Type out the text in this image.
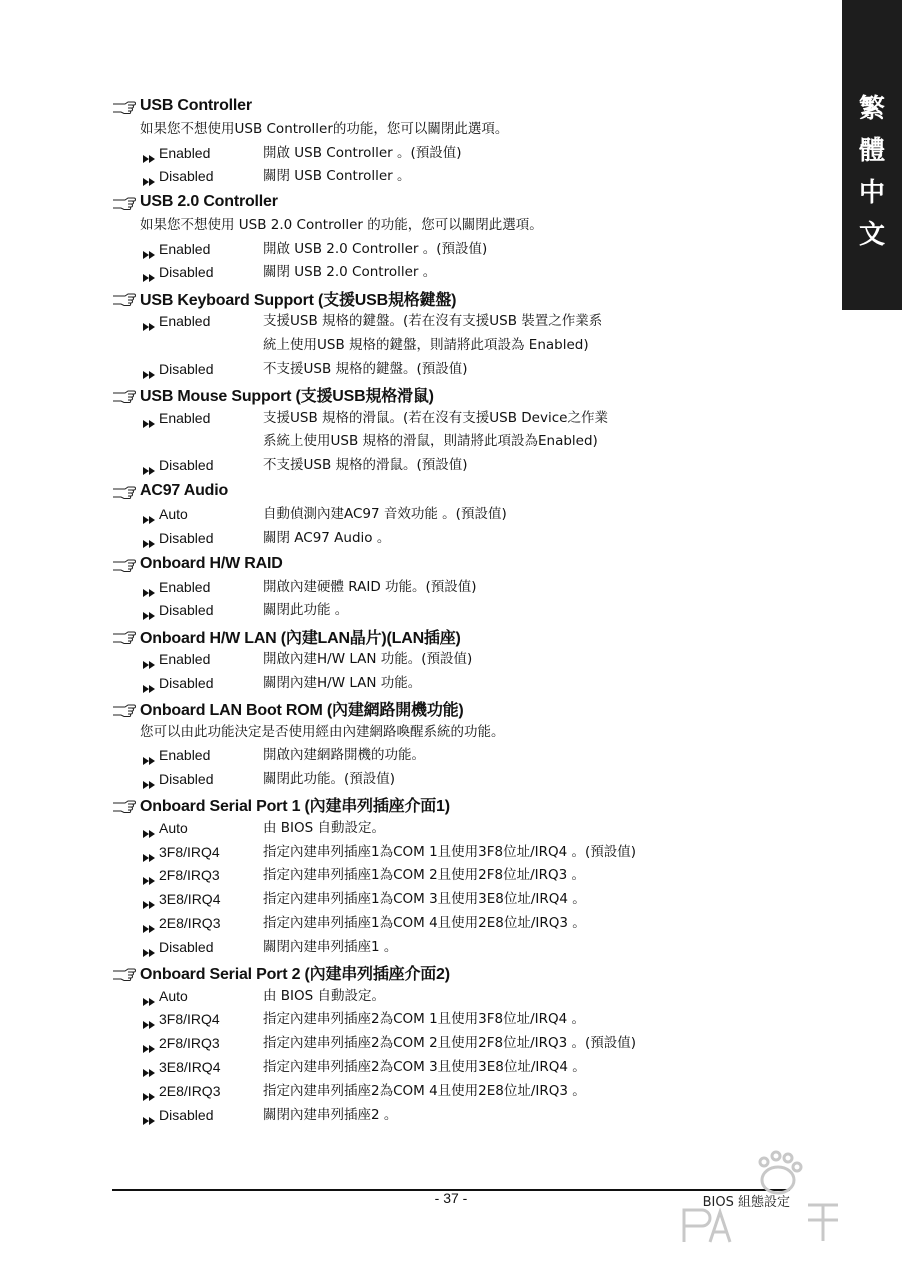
繁
體
中
文
USB Controller
如果您不想使用USB Controller的功能，您可以關閉此選項。
Enabled	開啟 USB Controller 。(預設值)
Disabled	關閉 USB Controller 。
USB 2.0 Controller
如果您不想使用 USB 2.0 Controller 的功能，您可以關閉此選項。
Enabled	開啟 USB 2.0 Controller 。(預設值)
Disabled	關閉 USB 2.0 Controller 。
USB Keyboard Support (支援USB規格鍵盤)
Enabled	支援USB 規格的鍵盤。(若在沒有支援USB 裝置之作業系
統上使用USB 規格的鍵盤，則請將此項設為 Enabled)
Disabled	不支援USB 規格的鍵盤。(預設值)
USB Mouse Support (支援USB規格滑鼠)
Enabled	支援USB 規格的滑鼠。(若在沒有支援USB Device之作業
系統上使用USB 規格的滑鼠，則請將此項設為Enabled)
Disabled	不支援USB 規格的滑鼠。(預設值)
AC97 Audio
Auto	自動偵測內建AC97 音效功能 。(預設值)
Disabled	關閉 AC97 Audio 。
Onboard H/W RAID
Enabled	開啟內建硬體 RAID 功能。(預設值)
Disabled	關閉此功能 。
Onboard H/W LAN (內建LAN晶片)(LAN插座)
Enabled	開啟內建H/W LAN 功能。(預設值)
Disabled	關閉內建H/W LAN 功能。
Onboard LAN Boot ROM (內建網路開機功能)
您可以由此功能決定是否使用經由內建網路喚醒系統的功能。
Enabled	開啟內建網路開機的功能。
Disabled	關閉此功能。(預設值)
Onboard Serial Port 1 (內建串列插座介面1)
Auto	由 BIOS 自動設定。
3F8/IRQ4	指定內建串列插座1為COM 1且使用3F8位址/IRQ4 。(預設值)
2F8/IRQ3	指定內建串列插座1為COM 2且使用2F8位址/IRQ3 。
3E8/IRQ4	指定內建串列插座1為COM 3且使用3E8位址/IRQ4 。
2E8/IRQ3	指定內建串列插座1為COM 4且使用2E8位址/IRQ3 。
Disabled	關閉內建串列插座1 。
Onboard Serial Port 2 (內建串列插座介面2)
Auto	由 BIOS 自動設定。
3F8/IRQ4	指定內建串列插座2為COM 1且使用3F8位址/IRQ4 。
2F8/IRQ3	指定內建串列插座2為COM 2且使用2F8位址/IRQ3 。(預設值)
3E8/IRQ4	指定內建串列插座2為COM 3且使用3E8位址/IRQ4 。
2E8/IRQ3	指定內建串列插座2為COM 4且使用2E8位址/IRQ3 。
Disabled	關閉內建串列插座2 。
- 37 -	BIOS 組態設定
